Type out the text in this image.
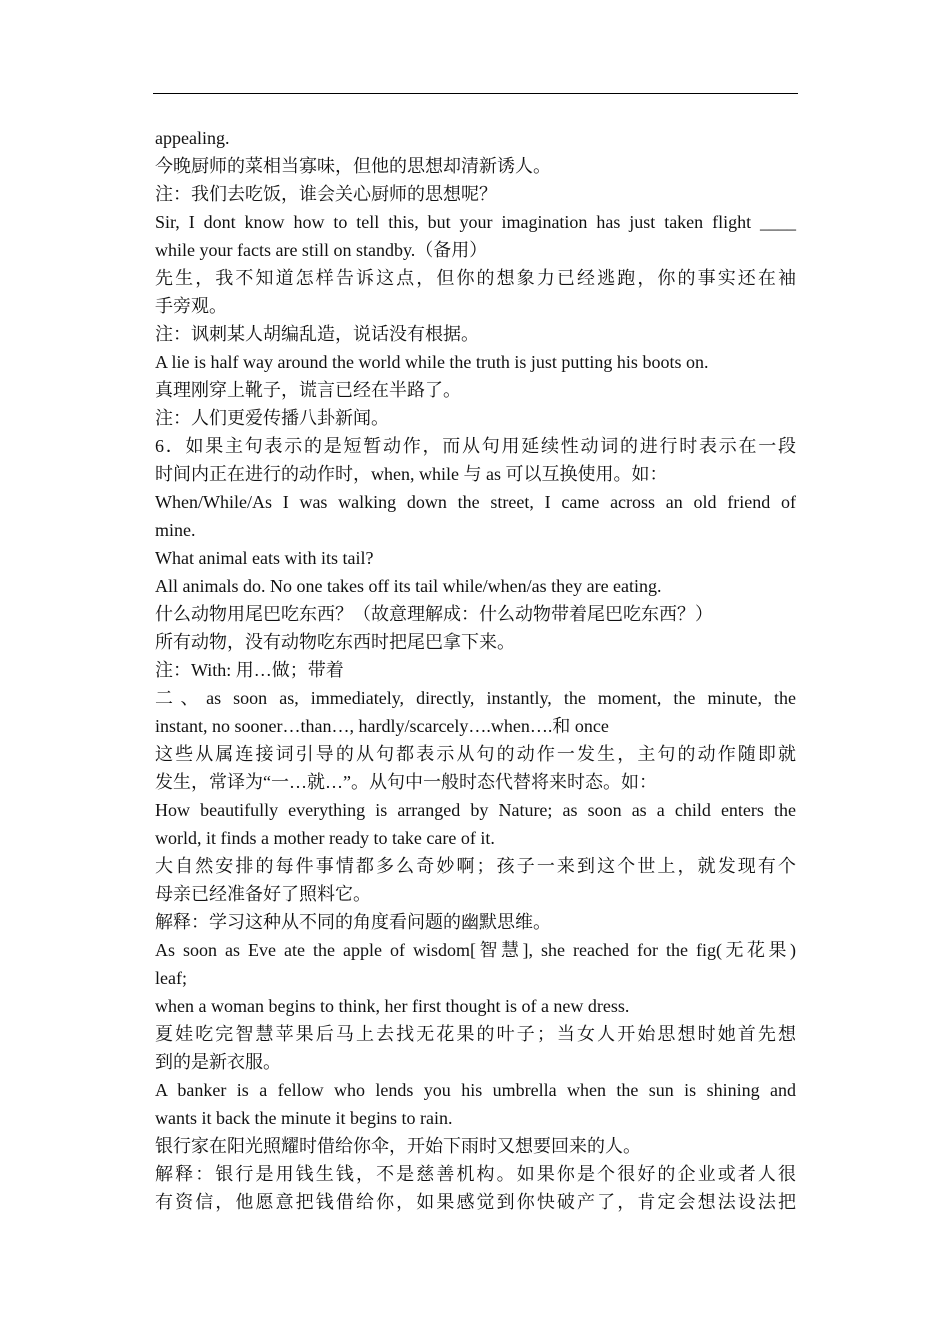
appealing.
今晚厨师的菜相当寡味，但他的思想却清新诱人。
注：我们去吃饭，谁会关心厨师的思想呢？
Sir, I dont know how to tell this, but your imagination has just taken flight ____
while your facts are still on standby.（备用）
先生，我不知道怎样告诉这点，但你的想象力已经逃跑，你的事实还在袖
手旁观。
注：讽刺某人胡编乱造，说话没有根据。
A lie is half way around the world while the truth is just putting his boots on.
真理刚穿上靴子，谎言已经在半路了。
注：人们更爱传播八卦新闻。
6．如果主句表示的是短暂动作，而从句用延续性动词的进行时表示在一段
时间内正在进行的动作时，when, while 与 as 可以互换使用。如：
When/While/As I was walking down the street, I came across an old friend of
mine.
What animal eats with its tail?
All animals do. No one takes off its tail while/when/as they are eating.
什么动物用尾巴吃东西？（故意理解成：什么动物带着尾巴吃东西？）
所有动物，没有动物吃东西时把尾巴拿下来。
注：With: 用…做；带着
二、as soon as, immediately, directly, instantly, the moment, the minute, the
instant, no sooner…than…, hardly/scarcely….when….和 once
这些从属连接词引导的从句都表示从句的动作一发生，主句的动作随即就
发生，常译为“一…就…”。从句中一般时态代替将来时态。如：
How beautifully everything is arranged by Nature; as soon as a child enters the
world, it finds a mother ready to take care of it.
大自然安排的每件事情都多么奇妙啊；孩子一来到这个世上，就发现有个
母亲已经准备好了照料它。
解释：学习这种从不同的角度看问题的幽默思维。
As soon as Eve ate the apple of wisdom[智慧], she reached for the fig(无花果)
leaf;
when a woman begins to think, her first thought is of a new dress.
夏娃吃完智慧苹果后马上去找无花果的叶子；当女人开始思想时她首先想
到的是新衣服。
A banker is a fellow who lends you his umbrella when the sun is shining and
wants it back the minute it begins to rain.
银行家在阳光照耀时借给你伞，开始下雨时又想要回来的人。
解释：银行是用钱生钱，不是慈善机构。如果你是个很好的企业或者人很
有资信，他愿意把钱借给你，如果感觉到你快破产了，肯定会想法设法把
